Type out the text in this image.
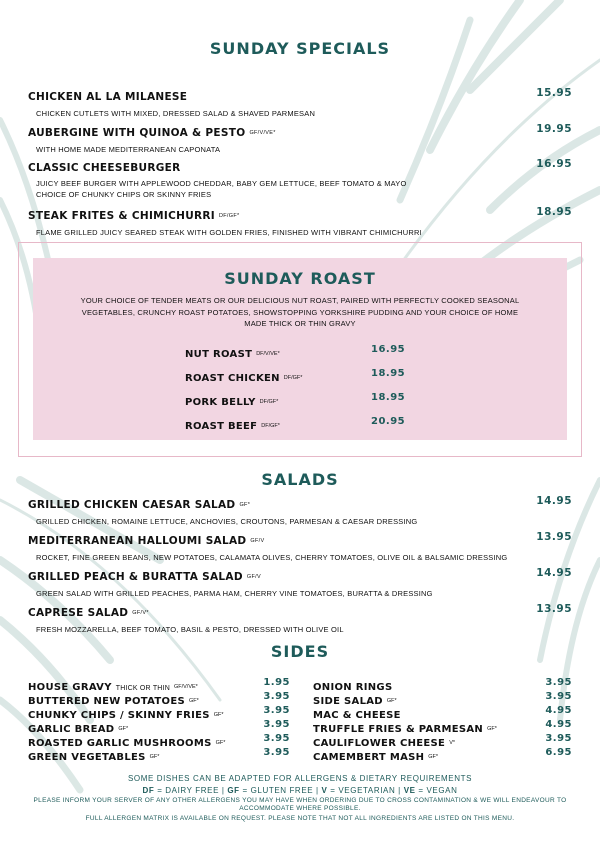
SUNDAY SPECIALS
CHICKEN AL LA MILANESE
CHICKEN CUTLETS WITH MIXED, DRESSED SALAD & SHAVED PARMESAN
15.95
AUBERGINE WITH QUINOA & PESTO GF/V/VE*
WITH HOME MADE MEDITERRANEAN CAPONATA
19.95
CLASSIC CHEESEBURGER
JUICY BEEF BURGER WITH APPLEWOOD CHEDDAR, BABY GEM LETTUCE, BEEF TOMATO & MAYO
CHOICE OF CHUNKY CHIPS OR SKINNY FRIES
16.95
STEAK FRITES & CHIMICHURRI DF/GF*
FLAME GRILLED JUICY SEARED STEAK WITH GOLDEN FRIES, FINISHED WITH VIBRANT CHIMICHURRI
18.95
SUNDAY ROAST
YOUR CHOICE OF TENDER MEATS OR OUR DELICIOUS NUT ROAST, PAIRED WITH PERFECTLY COOKED SEASONAL VEGETABLES, CRUNCHY ROAST POTATOES, SHOWSTOPPING YORKSHIRE PUDDING AND YOUR CHOICE OF HOME MADE THICK OR THIN GRAVY
NUT ROAST DF/V/VE*	16.95
ROAST CHICKEN DF/GF*	18.95
PORK BELLY DF/GF*	18.95
ROAST BEEF DF/GF*	20.95
SALADS
GRILLED CHICKEN CAESAR SALAD GF*
GRILLED CHICKEN, ROMAINE LETTUCE, ANCHOVIES, CROUTONS, PARMESAN & CAESAR DRESSING
14.95
MEDITERRANEAN HALLOUMI SALAD GF/V
ROCKET, FINE GREEN BEANS, NEW POTATOES, CALAMATA OLIVES, CHERRY TOMATOES, OLIVE OIL & BALSAMIC DRESSING
13.95
GRILLED PEACH & BURATTA SALAD GF/V
GREEN SALAD WITH GRILLED PEACHES, PARMA HAM, CHERRY VINE TOMATOES, BURATTA & DRESSING
14.95
CAPRESE SALAD GF/V*
FRESH MOZZARELLA, BEEF TOMATO, BASIL & PESTO, DRESSED WITH OLIVE OIL
13.95
SIDES
HOUSE GRAVY THICK OR THIN GF/V/VE*	1.95
BUTTERED NEW POTATOES GF*	3.95
CHUNKY CHIPS / SKINNY FRIES GF*	3.95
GARLIC BREAD GF*	3.95
ROASTED GARLIC MUSHROOMS GF*	3.95
GREEN VEGETABLES GF*	3.95
ONION RINGS	3.95
SIDE SALAD GF*	3.95
MAC & CHEESE	4.95
TRUFFLE FRIES & PARMESAN GF*	4.95
CAULIFLOWER CHEESE V*	3.95
CAMEMBERT MASH GF*	6.95
SOME DISHES CAN BE ADAPTED FOR ALLERGENS & DIETARY REQUIREMENTS
DF = DAIRY FREE | GF = GLUTEN FREE | V = VEGETARIAN | VE = VEGAN
PLEASE INFORM YOUR SERVER OF ANY OTHER ALLERGENS YOU MAY HAVE WHEN ORDERING DUE TO CROSS CONTAMINATION & WE WILL ENDEAVOUR TO ACCOMMODATE WHERE POSSIBLE.
FULL ALLERGEN MATRIX IS AVAILABLE ON REQUEST. PLEASE NOTE THAT NOT ALL INGREDIENTS ARE LISTED ON THIS MENU.
